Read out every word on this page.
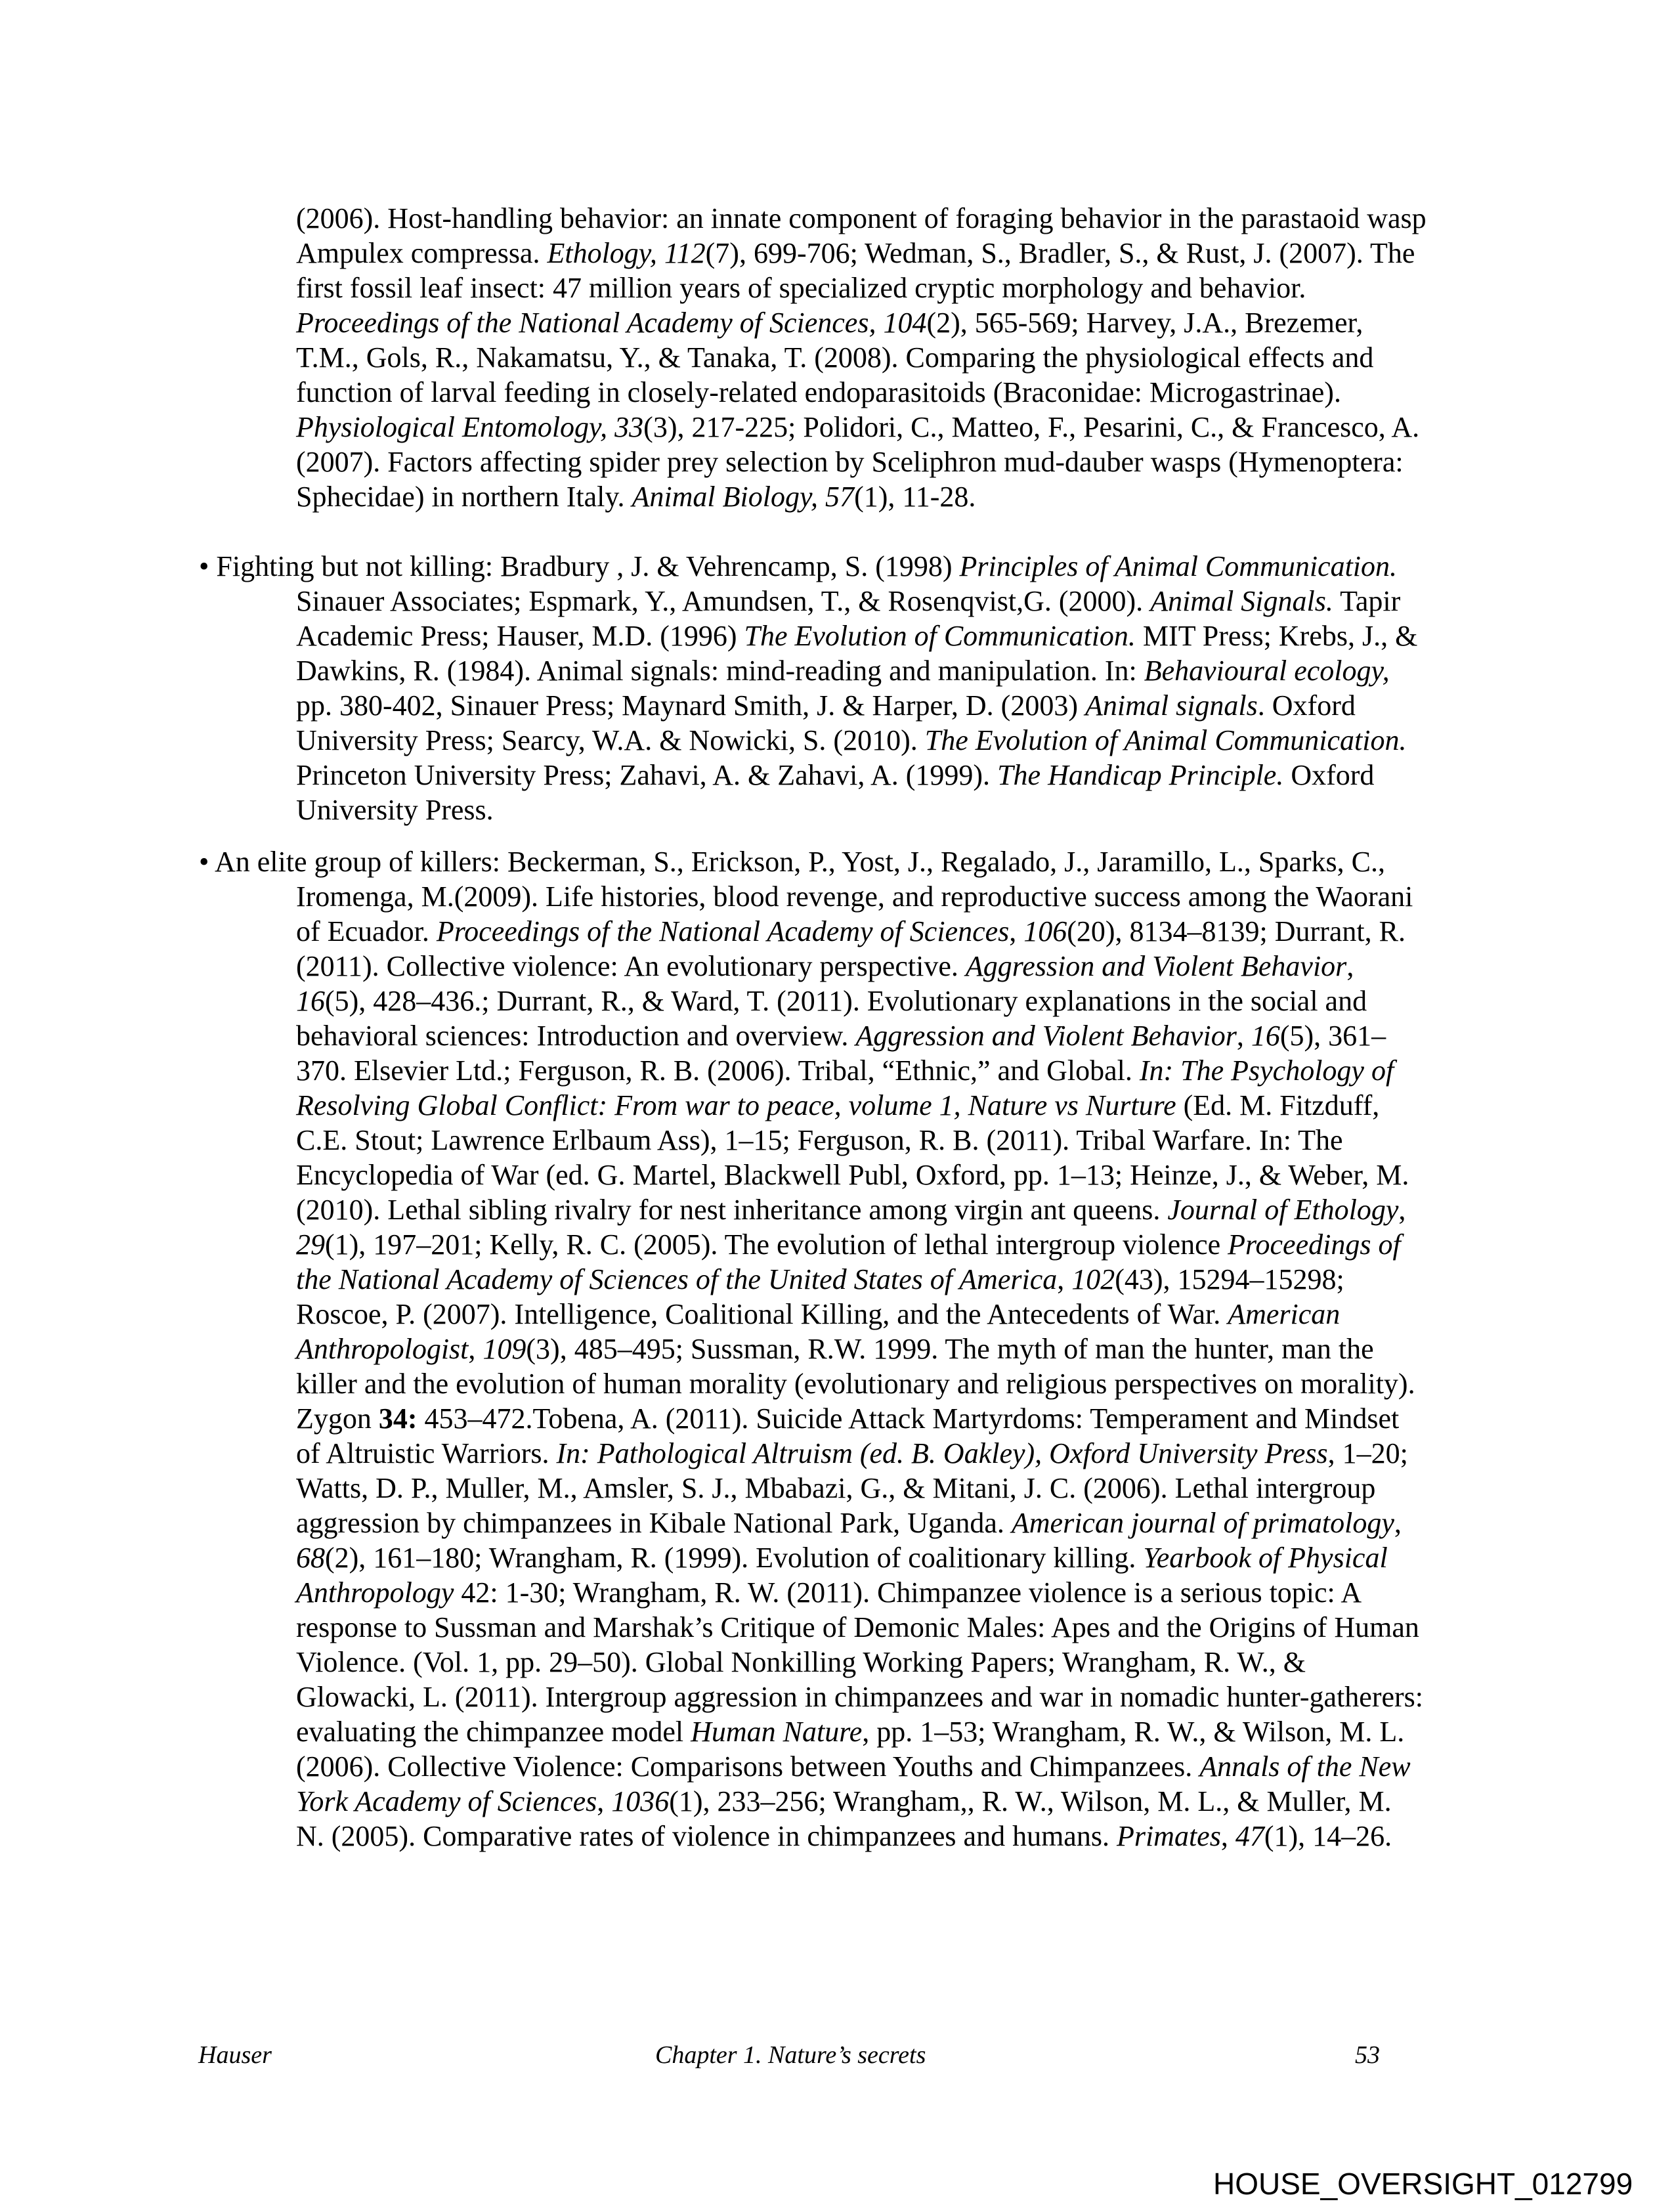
(2006). Host-handling behavior: an innate component of foraging behavior in the parastaoid wasp
Ampulex compressa. Ethology, 112(7), 699-706; Wedman, S., Bradler, S., & Rust, J. (2007). The
first fossil leaf insect: 47 million years of specialized cryptic morphology and behavior.
Proceedings of the National Academy of Sciences, 104(2), 565-569; Harvey, J.A., Brezemer,
T.M., Gols, R., Nakamatsu, Y., & Tanaka, T. (2008). Comparing the physiological effects and
function of larval feeding in closely-related endoparasitoids (Braconidae: Microgastrinae).
Physiological Entomology, 33(3), 217-225; Polidori, C., Matteo, F., Pesarini, C., & Francesco, A.
(2007). Factors affecting spider prey selection by Sceliphron mud-dauber wasps (Hymenoptera:
Sphecidae) in northern Italy. Animal Biology, 57(1), 11-28.
• Fighting but not killing: Bradbury , J. & Vehrencamp, S. (1998) Principles of Animal Communication.
Sinauer Associates; Espmark, Y., Amundsen, T., & Rosenqvist,G. (2000). Animal Signals. Tapir
Academic Press; Hauser, M.D. (1996) The Evolution of Communication. MIT Press; Krebs, J., &
Dawkins, R. (1984). Animal signals: mind-reading and manipulation. In: Behavioural ecology,
pp. 380-402, Sinauer Press; Maynard Smith, J. & Harper, D. (2003) Animal signals. Oxford
University Press; Searcy, W.A. & Nowicki, S. (2010). The Evolution of Animal Communication.
Princeton University Press; Zahavi, A. & Zahavi, A. (1999). The Handicap Principle. Oxford
University Press.
• An elite group of killers: Beckerman, S., Erickson, P., Yost, J., Regalado, J., Jaramillo, L., Sparks, C.,
Iromenga, M.(2009). Life histories, blood revenge, and reproductive success among the Waorani
of Ecuador. Proceedings of the National Academy of Sciences, 106(20), 8134–8139; Durrant, R.
(2011). Collective violence: An evolutionary perspective. Aggression and Violent Behavior,
16(5), 428–436.; Durrant, R., & Ward, T. (2011). Evolutionary explanations in the social and
behavioral sciences: Introduction and overview. Aggression and Violent Behavior, 16(5), 361–
370. Elsevier Ltd.; Ferguson, R. B. (2006). Tribal, “Ethnic,” and Global. In: The Psychology of
Resolving Global Conflict: From war to peace, volume 1, Nature vs Nurture (Ed. M. Fitzduff,
C.E. Stout; Lawrence Erlbaum Ass), 1–15; Ferguson, R. B. (2011). Tribal Warfare. In: The
Encyclopedia of War (ed. G. Martel, Blackwell Publ, Oxford, pp. 1–13; Heinze, J., & Weber, M.
(2010). Lethal sibling rivalry for nest inheritance among virgin ant queens. Journal of Ethology,
29(1), 197–201; Kelly, R. C. (2005). The evolution of lethal intergroup violence Proceedings of
the National Academy of Sciences of the United States of America, 102(43), 15294–15298;
Roscoe, P. (2007). Intelligence, Coalitional Killing, and the Antecedents of War. American
Anthropologist, 109(3), 485–495; Sussman, R.W. 1999. The myth of man the hunter, man the
killer and the evolution of human morality (evolutionary and religious perspectives on morality).
Zygon 34: 453–472.Tobena, A. (2011). Suicide Attack Martyrdoms: Temperament and Mindset
of Altruistic Warriors. In: Pathological Altruism (ed. B. Oakley), Oxford University Press, 1–20;
Watts, D. P., Muller, M., Amsler, S. J., Mbabazi, G., & Mitani, J. C. (2006). Lethal intergroup
aggression by chimpanzees in Kibale National Park, Uganda. American journal of primatology,
68(2), 161–180; Wrangham, R. (1999). Evolution of coalitionary killing. Yearbook of Physical
Anthropology 42: 1-30; Wrangham, R. W. (2011). Chimpanzee violence is a serious topic: A
response to Sussman and Marshak’s Critique of Demonic Males: Apes and the Origins of Human
Violence. (Vol. 1, pp. 29–50). Global Nonkilling Working Papers; Wrangham, R. W., &
Glowacki, L. (2011). Intergroup aggression in chimpanzees and war in nomadic hunter-gatherers:
evaluating the chimpanzee model Human Nature, pp. 1–53; Wrangham, R. W., & Wilson, M. L.
(2006). Collective Violence: Comparisons between Youths and Chimpanzees. Annals of the New
York Academy of Sciences, 1036(1), 233–256; Wrangham,, R. W., Wilson, M. L., & Muller, M.
N. (2005). Comparative rates of violence in chimpanzees and humans. Primates, 47(1), 14–26.
Hauser	Chapter 1. Nature’s secrets	53
HOUSE_OVERSIGHT_012799
